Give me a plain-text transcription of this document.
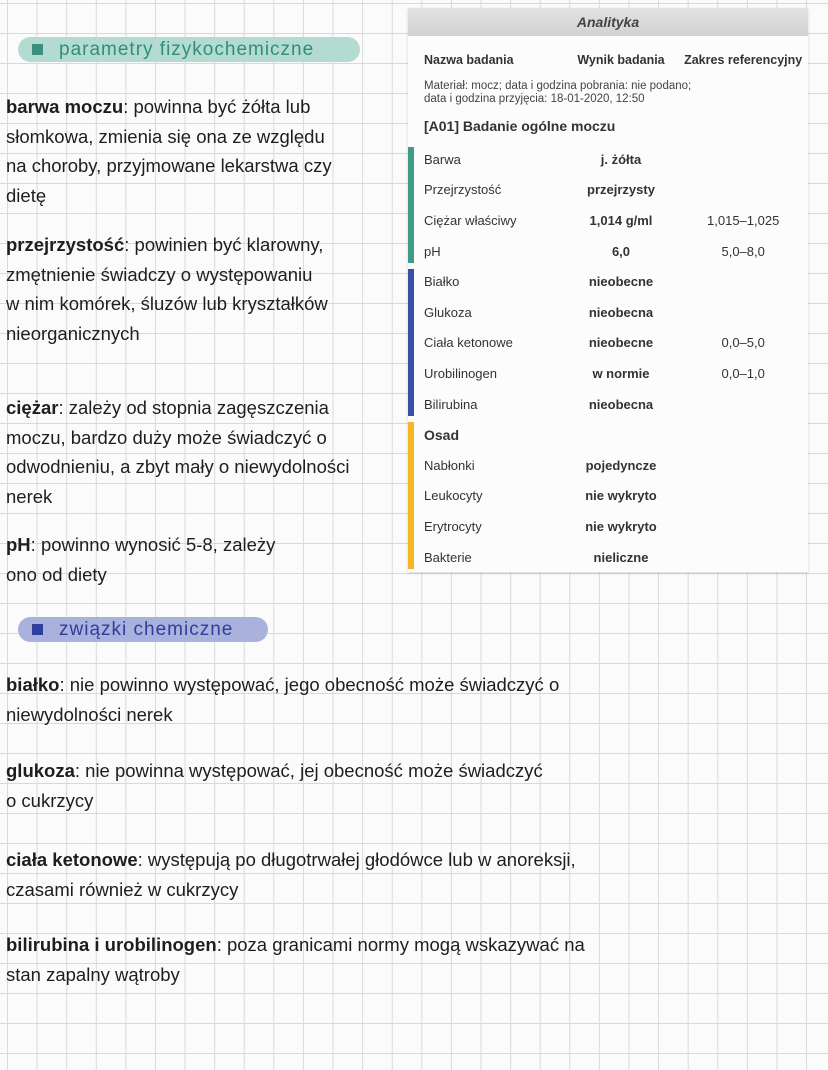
parametry fizykochemiczne
barwa moczu: powinna być żółta lub
słomkowa, zmienia się ona ze względu
na choroby, przyjmowane lekarstwa czy
dietę
przejrzystość: powinien być klarowny,
zmętnienie świadczy o występowaniu
w nim komórek, śluzów lub kryształków
nieorganicznych
ciężar: zależy od stopnia zagęszczenia
moczu, bardzo duży może świadczyć o
odwodnieniu, a zbyt mały o niewydolności
nerek
pH: powinno wynosić 5-8, zależy
ono od diety
związki chemiczne
białko: nie powinno występować, jego obecność może świadczyć o
niewydolności nerek
glukoza: nie powinna występować, jej obecność może świadczyć
o cukrzycy
ciała ketonowe: występują po długotrwałej głodówce lub w anoreksji,
czasami również w cukrzycy
bilirubina i urobilinogen: poza granicami normy mogą wskazywać na
stan zapalny wątroby
Analityka
Nazwa badania	Wynik badania	Zakres referencyjny
Materiał: mocz; data i godzina pobrania: nie podano;
data i godzina przyjęcia: 18-01-2020, 12:50
[A01] Badanie ogólne moczu
Barwa	j. żółta
Przejrzystość	przejrzysty
Ciężar właściwy	1,014 g/ml	1,015–1,025
pH	6,0	5,0–8,0
Białko	nieobecne
Glukoza	nieobecna
Ciała ketonowe	nieobecne	0,0–5,0
Urobilinogen	w normie	0,0–1,0
Bilirubina	nieobecna
Osad
Nabłonki	pojedyncze
Leukocyty	nie wykryto
Erytrocyty	nie wykryto
Bakterie	nieliczne
